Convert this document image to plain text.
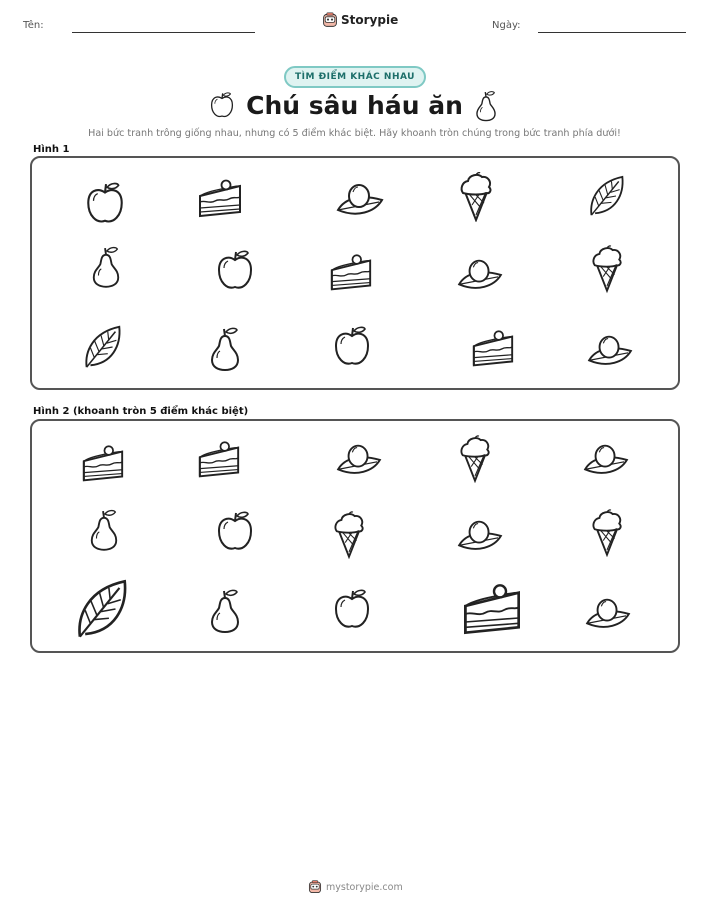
Tên:	Storypie	Ngày:
TÌM ĐIỂM KHÁC NHAU
Chú sâu háu ăn
Hai bức tranh trông giống nhau, nhưng có 5 điểm khác biệt. Hãy khoanh tròn chúng trong bức tranh phía dưới!
Hình 1
Hình 2 (khoanh tròn 5 điểm khác biệt)
mystorypie.com
